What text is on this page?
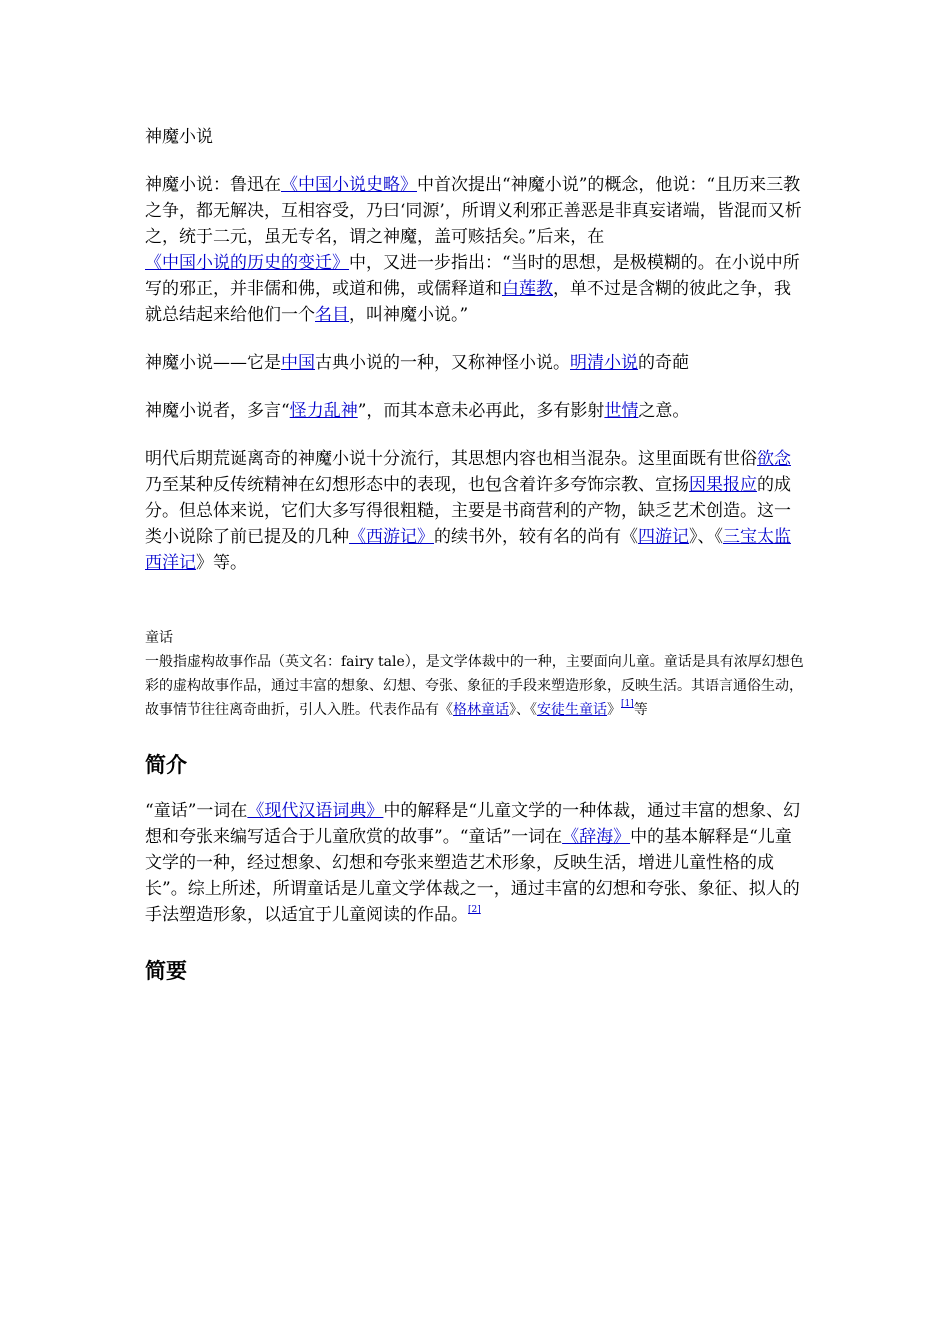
神魔小说

神魔小说：鲁迅在《中国小说史略》中首次提出“神魔小说”的概念，他说：“且历来三教之争，都无解决，互相容受，乃曰‘同源’，所谓义利邪正善恶是非真妄诸端，皆混而又析之，统于二元，虽无专名，谓之神魔，盖可赅括矣。”后来，在《中国小说的历史的变迁》中，又进一步指出：“当时的思想，是极模糊的。在小说中所写的邪正，并非儒和佛，或道和佛，或儒释道和白莲教，单不过是含糊的彼此之争，我就总结起来给他们一个名目，叫神魔小说。”

神魔小说——它是中国古典小说的一种，又称神怪小说。明清小说的奇葩

神魔小说者，多言“怪力乱神”，而其本意未必再此，多有影射世情之意。

明代后期荒诞离奇的神魔小说十分流行，其思想内容也相当混杂。这里面既有世俗欲念乃至某种反传统精神在幻想形态中的表现，也包含着许多夸饰宗教、宣扬因果报应的成分。但总体来说，它们大多写得很粗糙，主要是书商营利的产物，缺乏艺术创造。这一类小说除了前已提及的几种《西游记》的续书外，较有名的尚有《四游记》、《三宝太监西洋记》等。

童话

一般指虚构故事作品（英文名：fairy tale），是文学体裁中的一种，主要面向儿童。童话是具有浓厚幻想色彩的虚构故事作品，通过丰富的想象、幻想、夸张、象征的手段来塑造形象，反映生活。其语言通俗生动，故事情节往往离奇曲折，引人入胜。代表作品有《格林童话》、《安徒生童话》[1]等

简介

“童话”一词在《现代汉语词典》中的解释是“儿童文学的一种体裁，通过丰富的想象、幻想和夸张来编写适合于儿童欣赏的故事”。“童话”一词在《辞海》中的基本解释是“儿童文学的一种，经过想象、幻想和夸张来塑造艺术形象，反映生活，增进儿童性格的成长”。综上所述，所谓童话是儿童文学体裁之一，通过丰富的幻想和夸张、象征、拟人的手法塑造形象，以适宜于儿童阅读的作品。[2]

简要
